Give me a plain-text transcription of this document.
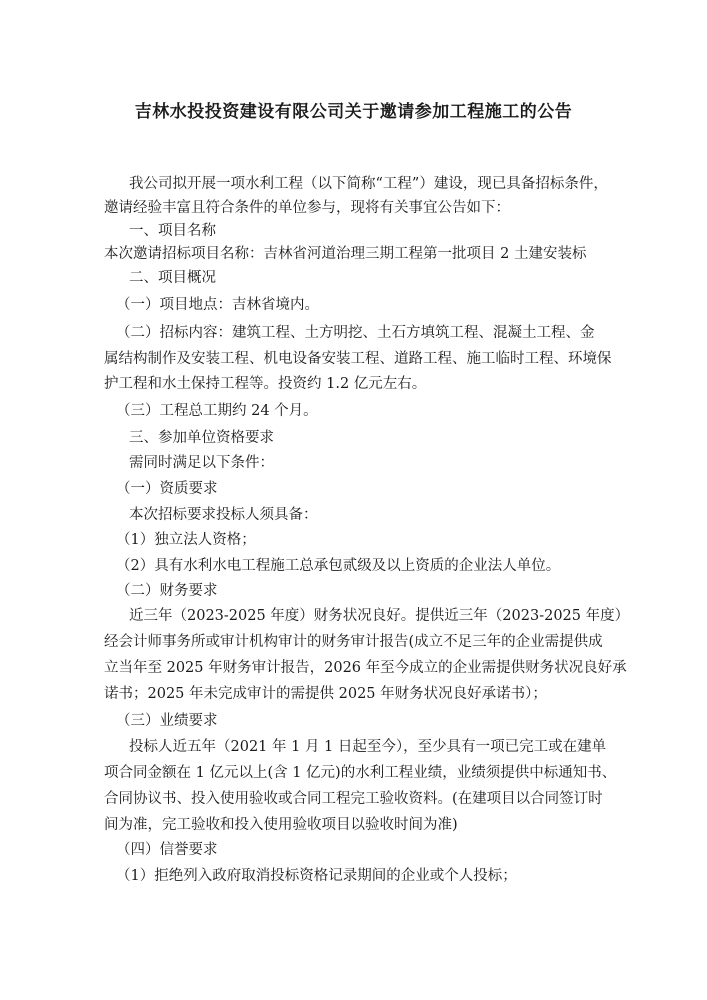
吉林水投投资建设有限公司关于邀请参加工程施工的公告
我公司拟开展一项水利工程（以下简称“工程”）建设，现已具备招标条件，
邀请经验丰富且符合条件的单位参与，现将有关事宜公告如下：
一、项目名称
本次邀请招标项目名称：吉林省河道治理三期工程第一批项目 2 土建安装标
二、项目概况
（一）项目地点：吉林省境内。
（二）招标内容：建筑工程、土方明挖、土石方填筑工程、混凝土工程、金
属结构制作及安装工程、机电设备安装工程、道路工程、施工临时工程、环境保
护工程和水土保持工程等。投资约 1.2 亿元左右。
（三）工程总工期约 24 个月。
三、参加单位资格要求
需同时满足以下条件：
（一）资质要求
本次招标要求投标人须具备：
（1）独立法人资格；
（2）具有水利水电工程施工总承包贰级及以上资质的企业法人单位。
（二）财务要求
近三年（2023-2025 年度）财务状况良好。提供近三年（2023-2025 年度）
经会计师事务所或审计机构审计的财务审计报告(成立不足三年的企业需提供成
立当年至 2025 年财务审计报告，2026 年至今成立的企业需提供财务状况良好承
诺书；2025 年未完成审计的需提供 2025 年财务状况良好承诺书）；
（三）业绩要求
投标人近五年（2021 年 1 月 1 日起至今），至少具有一项已完工或在建单
项合同金额在 1 亿元以上(含 1 亿元)的水利工程业绩，业绩须提供中标通知书、
合同协议书、投入使用验收或合同工程完工验收资料。(在建项目以合同签订时
间为准，完工验收和投入使用验收项目以验收时间为准)
（四）信誉要求
（1）拒绝列入政府取消投标资格记录期间的企业或个人投标；
